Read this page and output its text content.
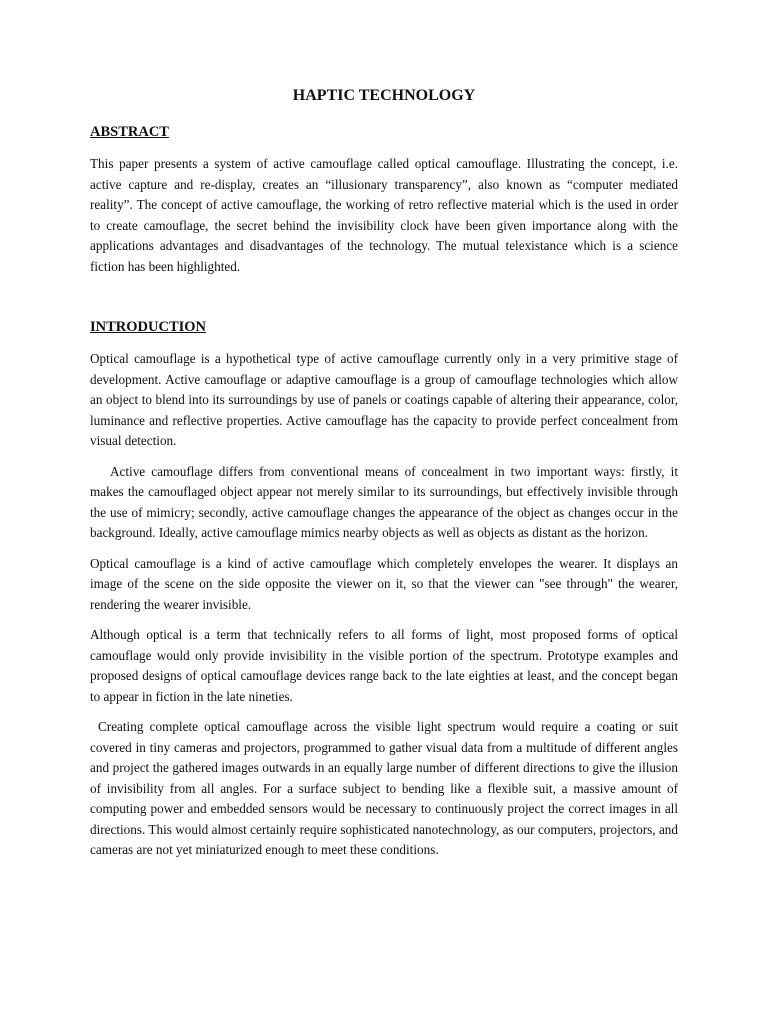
HAPTIC TECHNOLOGY
ABSTRACT

This paper presents a system of active camouflage called optical camouflage. Illustrating the concept, i.e. active capture and re-display, creates an “illusionary transparency”, also known as “computer mediated reality”. The concept of active camouflage, the working of retro reflective material which is the used in order to create camouflage, the secret behind the invisibility clock have been given importance along with the applications advantages and disadvantages of the technology. The mutual telexistance which is a science fiction has been highlighted.

INTRODUCTION

Optical camouflage is a hypothetical type of active camouflage currently only in a very primitive stage of development. Active camouflage or adaptive camouflage is a group of camouflage technologies which allow an object to blend into its surroundings by use of panels or coatings capable of altering their appearance, color, luminance and reflective properties. Active camouflage has the capacity to provide perfect concealment from visual detection.

Active camouflage differs from conventional means of concealment in two important ways: firstly, it makes the camouflaged object appear not merely similar to its surroundings, but effectively invisible through the use of mimicry; secondly, active camouflage changes the appearance of the object as changes occur in the background. Ideally, active camouflage mimics nearby objects as well as objects as distant as the horizon.

Optical camouflage is a kind of active camouflage which completely envelopes the wearer. It displays an image of the scene on the side opposite the viewer on it, so that the viewer can "see through" the wearer, rendering the wearer invisible.

Although optical is a term that technically refers to all forms of light, most proposed forms of optical camouflage would only provide invisibility in the visible portion of the spectrum. Prototype examples and proposed designs of optical camouflage devices range back to the late eighties at least, and the concept began to appear in fiction in the late nineties.

Creating complete optical camouflage across the visible light spectrum would require a coating or suit covered in tiny cameras and projectors, programmed to gather visual data from a multitude of different angles and project the gathered images outwards in an equally large number of different directions to give the illusion of invisibility from all angles. For a surface subject to bending like a flexible suit, a massive amount of computing power and embedded sensors would be necessary to continuously project the correct images in all directions. This would almost certainly require sophisticated nanotechnology, as our computers, projectors, and cameras are not yet miniaturized enough to meet these conditions.
